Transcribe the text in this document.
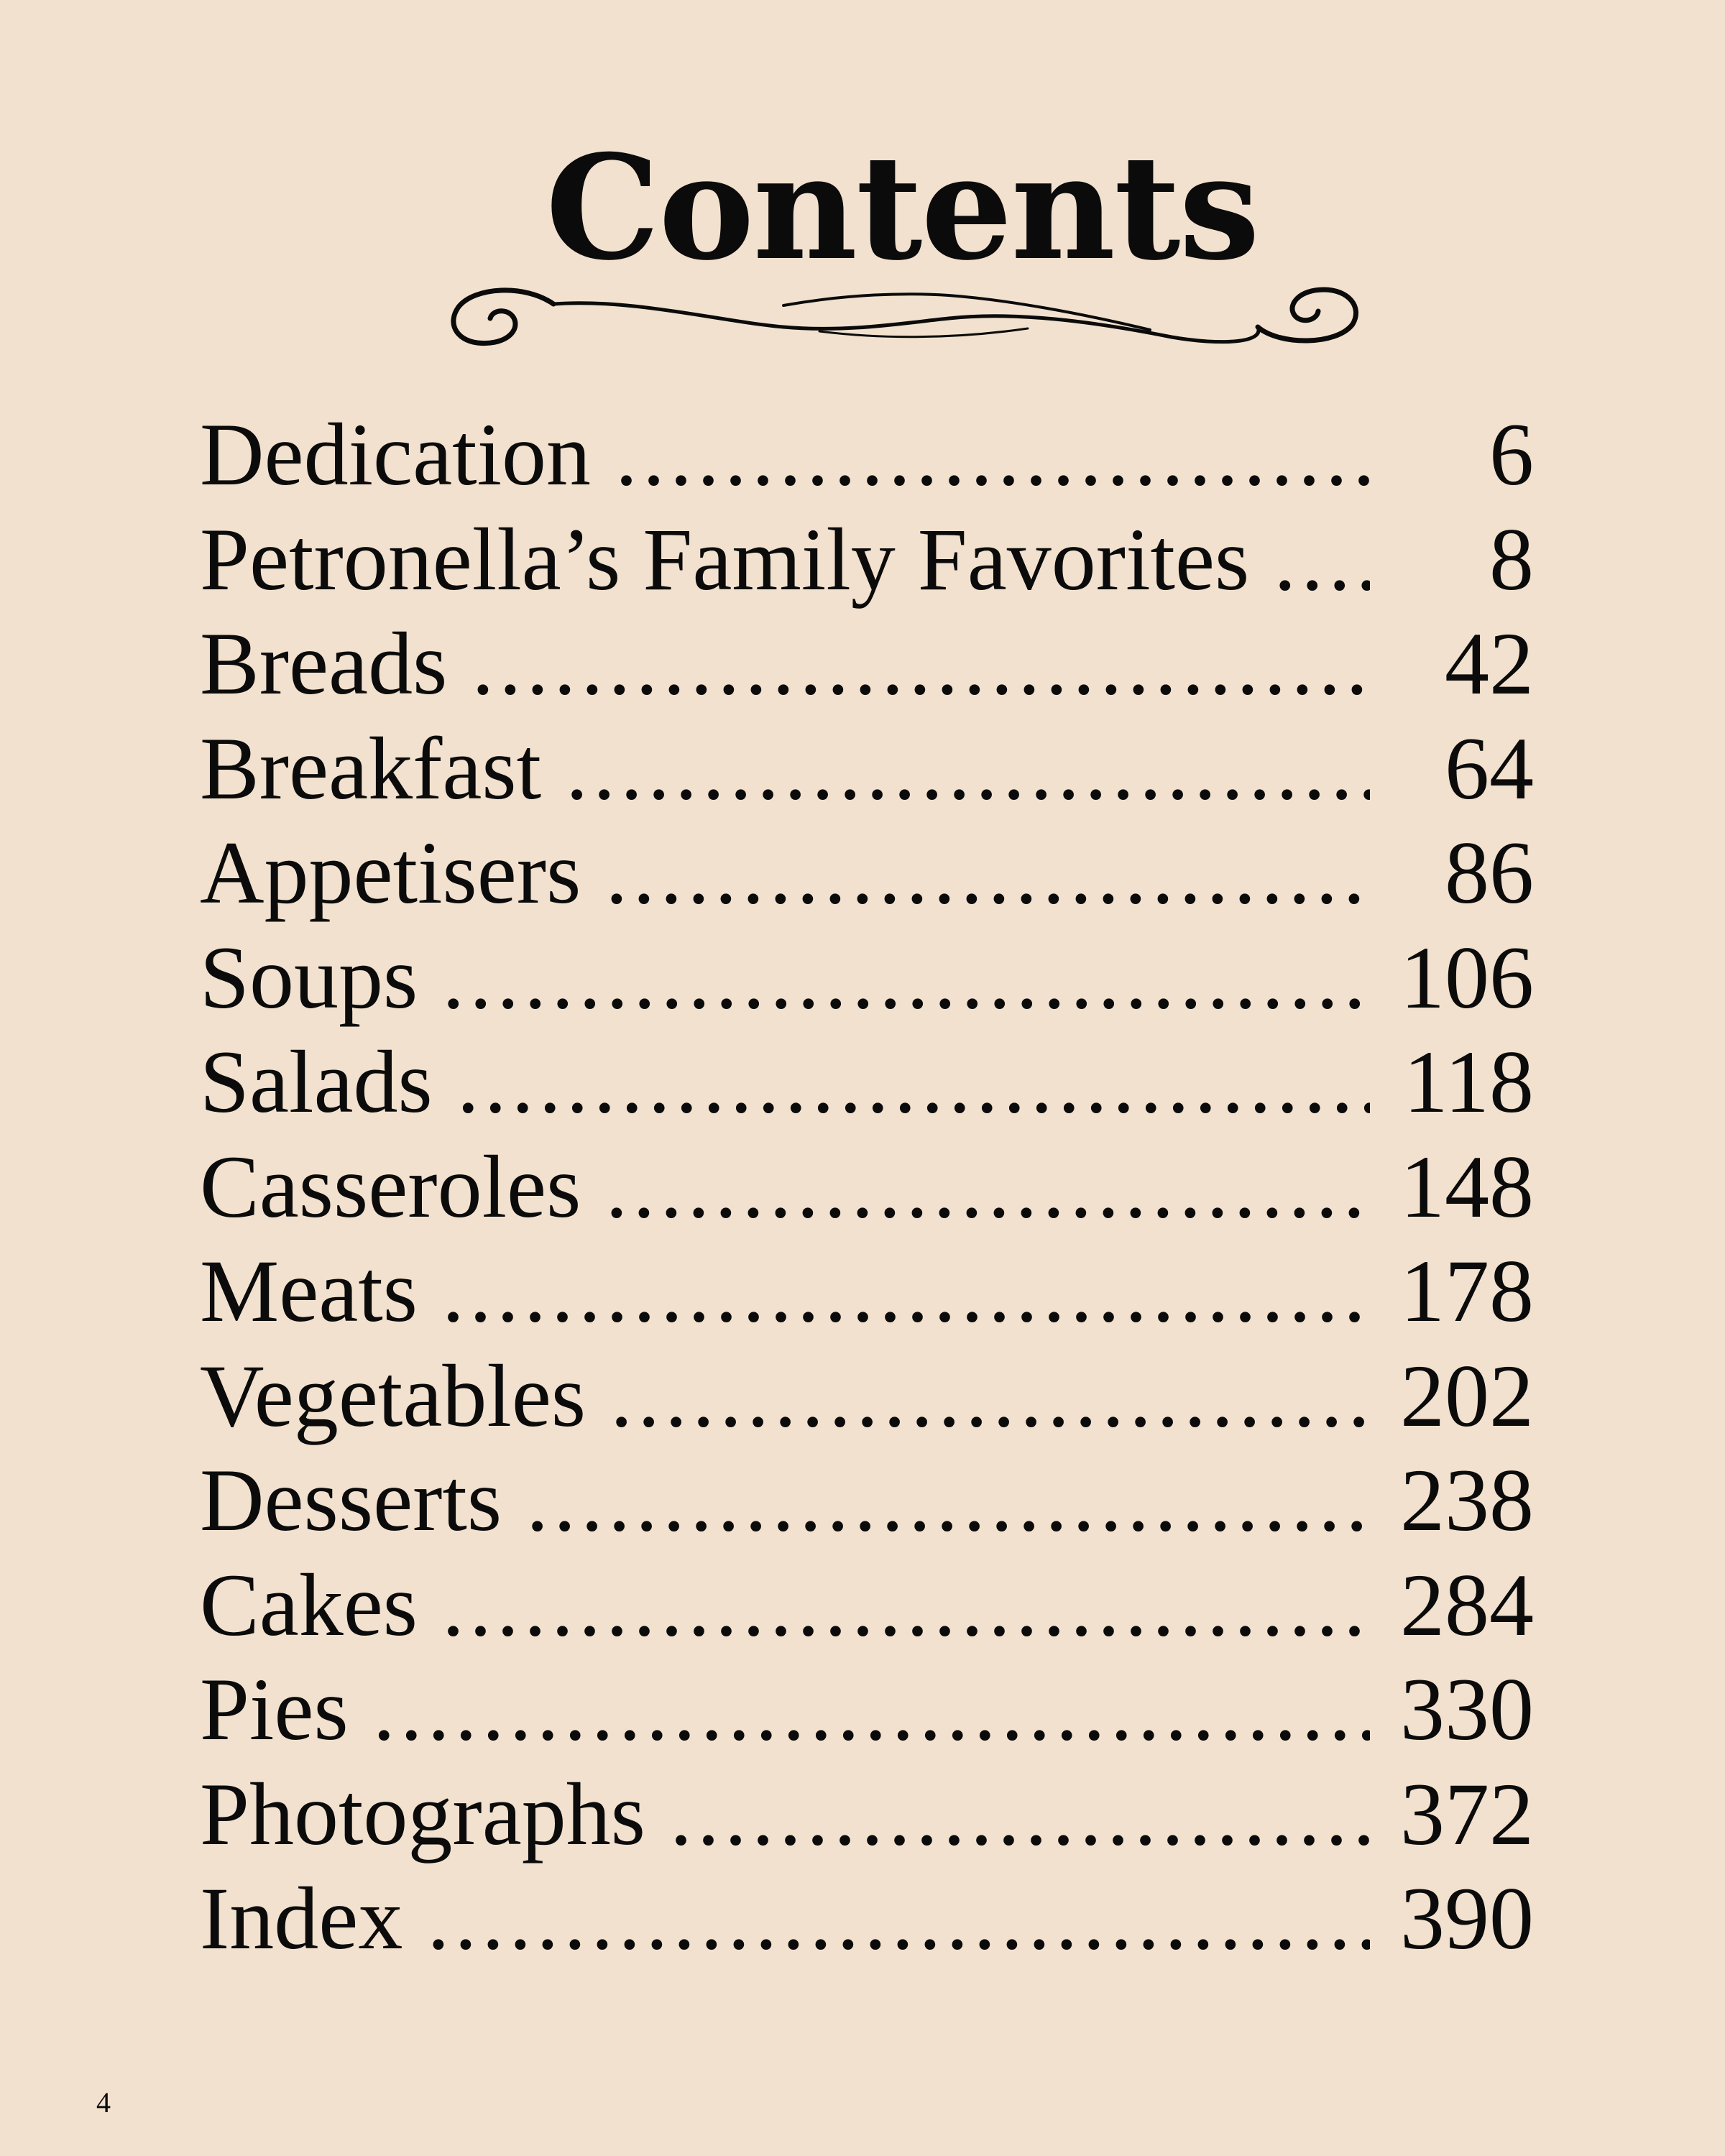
Contents
Dedication .....	6
Petronella’s Family Favorites .....	8
Breads .....	42
Breakfast .....	64
Appetisers .....	86
Soups .....	106
Salads .....	118
Casseroles .....	148
Meats .....	178
Vegetables .....	202
Desserts .....	238
Cakes .....	284
Pies .....	330
Photographs .....	372
Index .....	390
4
